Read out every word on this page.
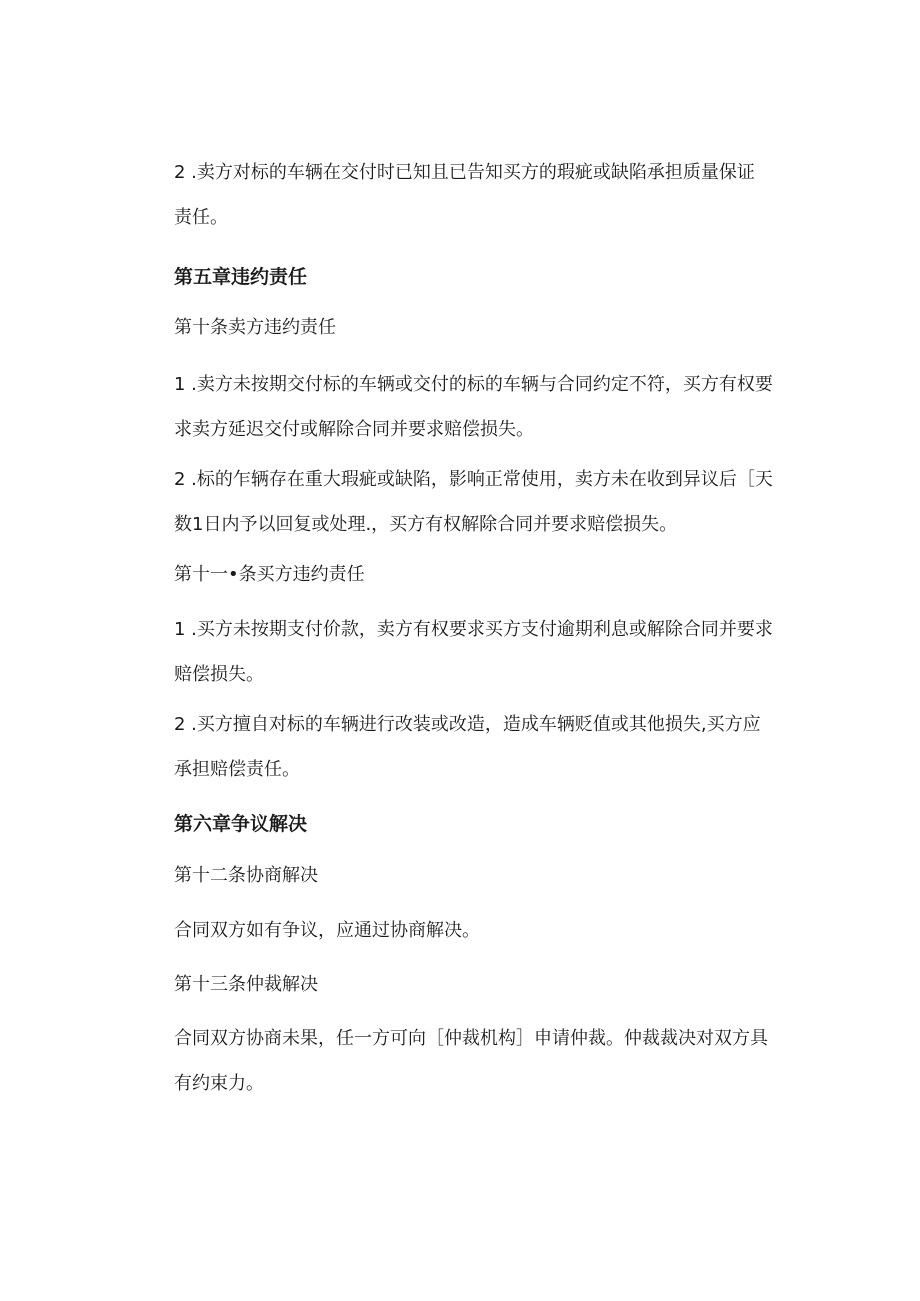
2 .卖方对标的车辆在交付时已知且已告知买方的瑕疵或缺陷承担质量保证
责任。
第五章违约责任
第十条卖方违约责任
1 .卖方未按期交付标的车辆或交付的标的车辆与合同约定不符，买方有权要
求卖方延迟交付或解除合同并要求赔偿损失。
2 .标的乍辆存在重大瑕疵或缺陷，影响正常使用，卖方未在收到异议后［天
数1日内予以回复或处理.，买方有权解除合同并要求赔偿损失。
第十一•条买方违约责任
1 .买方未按期支付价款，卖方有权要求买方支付逾期利息或解除合同并要求
赔偿损失。
2 .买方擅自对标的车辆进行改装或改造，造成车辆贬值或其他损失,买方应
承担赔偿责任。
第六章争议解决
第十二条协商解决
合同双方如有争议，应通过协商解决。
第十三条仲裁解决
合同双方协商未果，任一方可向［仲裁机构］申请仲裁。仲裁裁决对双方具
有约束力。
